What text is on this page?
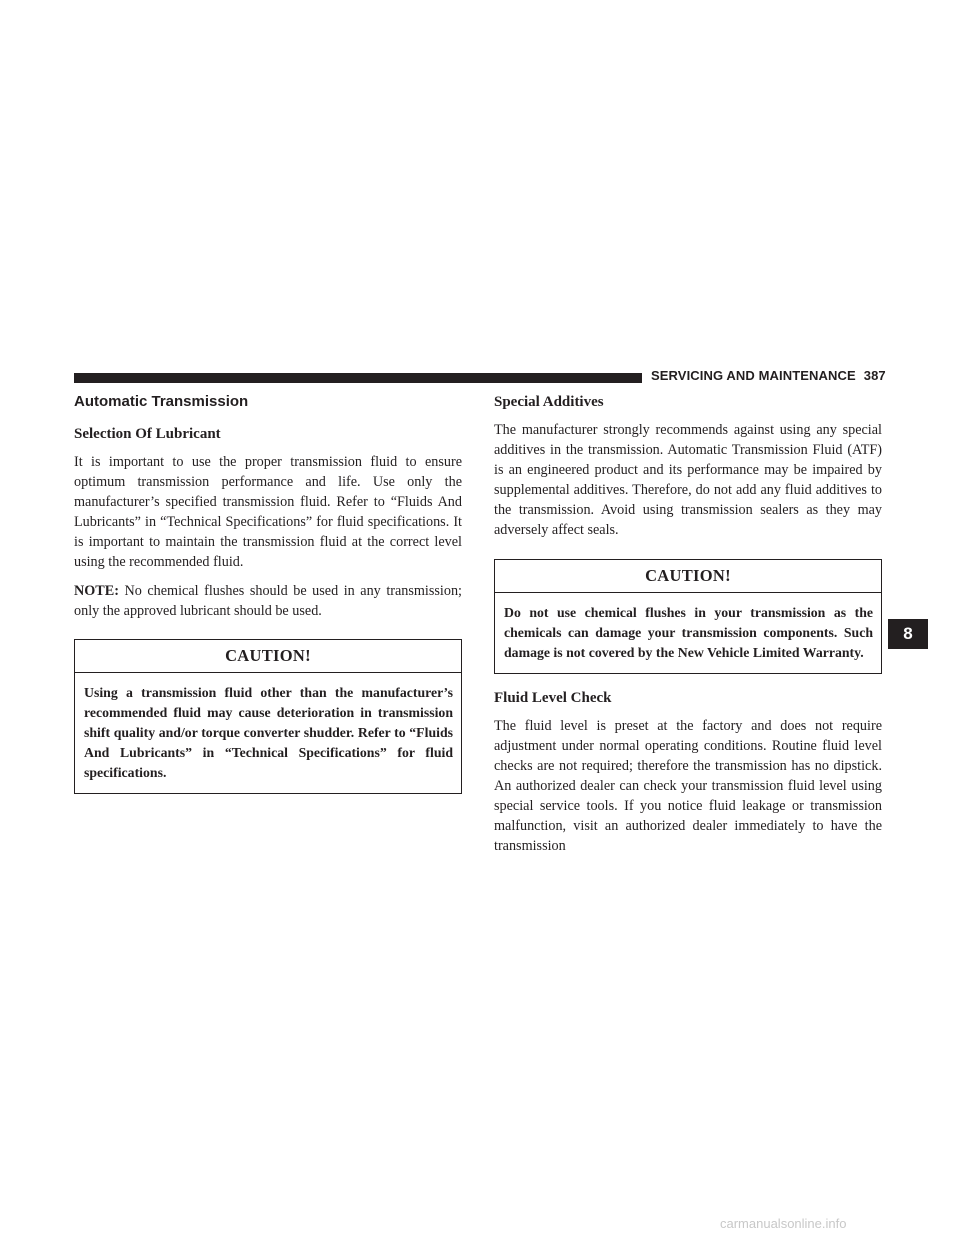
SERVICING AND MAINTENANCE 387
Automatic Transmission
Selection Of Lubricant

It is important to use the proper transmission fluid to ensure optimum transmission performance and life. Use only the manufacturer’s specified transmission fluid. Refer to “Fluids And Lubricants” in “Technical Specifications” for fluid specifications. It is important to maintain the transmission fluid at the correct level using the recommended fluid.

NOTE: No chemical flushes should be used in any transmission; only the approved lubricant should be used.

CAUTION!
Using a transmission fluid other than the manufacturer’s recommended fluid may cause deterioration in transmission shift quality and/or torque converter shudder. Refer to “Fluids And Lubricants” in “Technical Specifications” for fluid specifications.
Special Additives

The manufacturer strongly recommends against using any special additives in the transmission. Automatic Transmission Fluid (ATF) is an engineered product and its performance may be impaired by supplemental additives. Therefore, do not add any fluid additives to the transmission. Avoid using transmission sealers as they may adversely affect seals.

CAUTION!
Do not use chemical flushes in your transmission as the chemicals can damage your transmission components. Such damage is not covered by the New Vehicle Limited Warranty.
Fluid Level Check

The fluid level is preset at the factory and does not require adjustment under normal operating conditions. Routine fluid level checks are not required; therefore the transmission has no dipstick. An authorized dealer can check your transmission fluid level using special service tools. If you notice fluid leakage or transmission malfunction, visit an authorized dealer immediately to have the transmission

8
carmanualsonline.info
